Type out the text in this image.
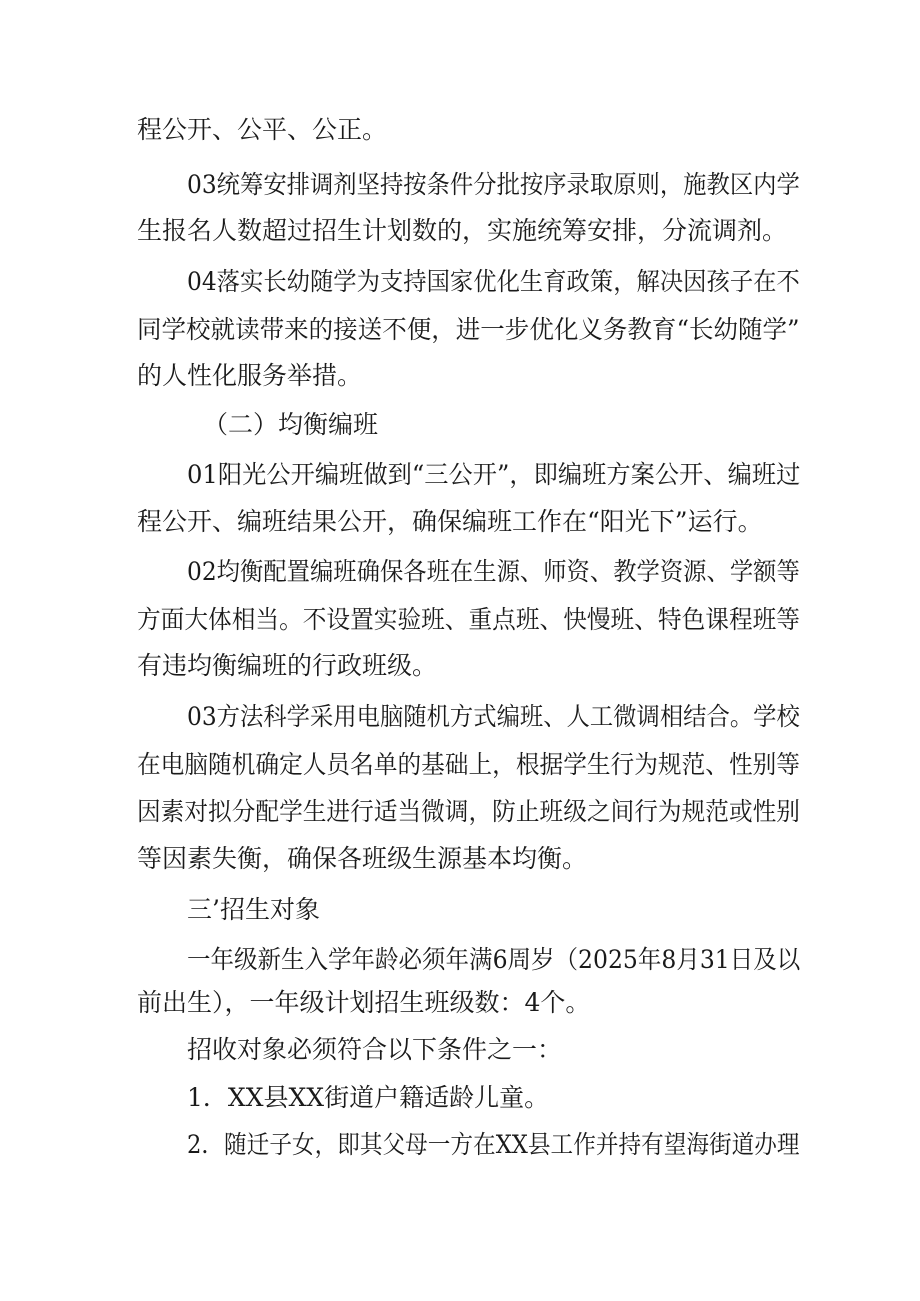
程公开、公平、公正。
03统筹安排调剂坚持按条件分批按序录取原则，施教区内学
生报名人数超过招生计划数的，实施统筹安排，分流调剂。
04落实长幼随学为支持国家优化生育政策，解决因孩子在不
同学校就读带来的接送不便，进一步优化义务教育“长幼随学”
的人性化服务举措。
（二）均衡编班
01阳光公开编班做到“三公开”，即编班方案公开、编班过
程公开、编班结果公开，确保编班工作在“阳光下”运行。
02均衡配置编班确保各班在生源、师资、教学资源、学额等
方面大体相当。不设置实验班、重点班、快慢班、特色课程班等
有违均衡编班的行政班级。
03方法科学采用电脑随机方式编班、人工微调相结合。学校
在电脑随机确定人员名单的基础上，根据学生行为规范、性别等
因素对拟分配学生进行适当微调，防止班级之间行为规范或性别
等因素失衡，确保各班级生源基本均衡。
三’招生对象
一年级新生入学年龄必须年满6周岁（2025年8月31日及以
前出生），一年级计划招生班级数：4个。
招收对象必须符合以下条件之一：
1．XX县XX街道户籍适龄儿童。
2．随迁子女，即其父母一方在XX县工作并持有望海街道办理
